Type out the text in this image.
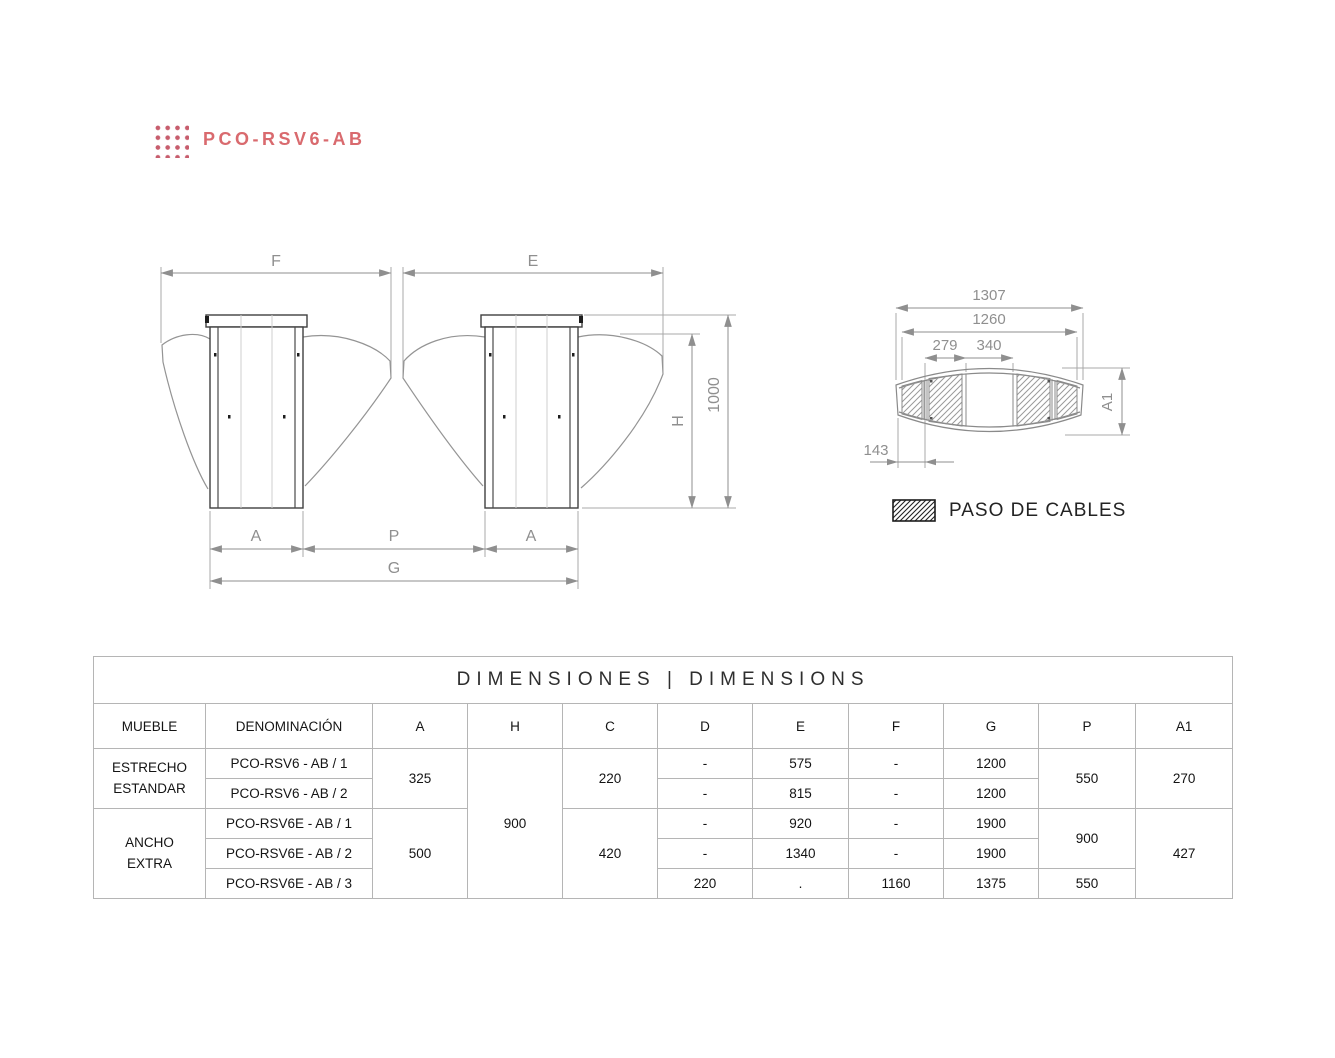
PCO-RSV6-AB
F	E
H
1000
A	P	A
G
1307
1260
279 340
143
A1
PASO DE CABLES
DIMENSIONES | DIMENSIONS										
MUEBLE	DENOMINACIÓN	A	H	C	D	E	F	G	P	A1

ESTRECHO
ESTANDAR	PCO-RSV6 - AB / 1	325	900	220	-	575	-	1200	550	270
	PCO-RSV6 - AB / 2				-	815	-	1200		

ANCHO
EXTRA	PCO-RSV6E - AB / 1	500		420	-	920	-	1900	900	427
	PCO-RSV6E - AB / 2				-	1340	-	1900		
	PCO-RSV6E - AB / 3				220	.	1160	1375	550	
